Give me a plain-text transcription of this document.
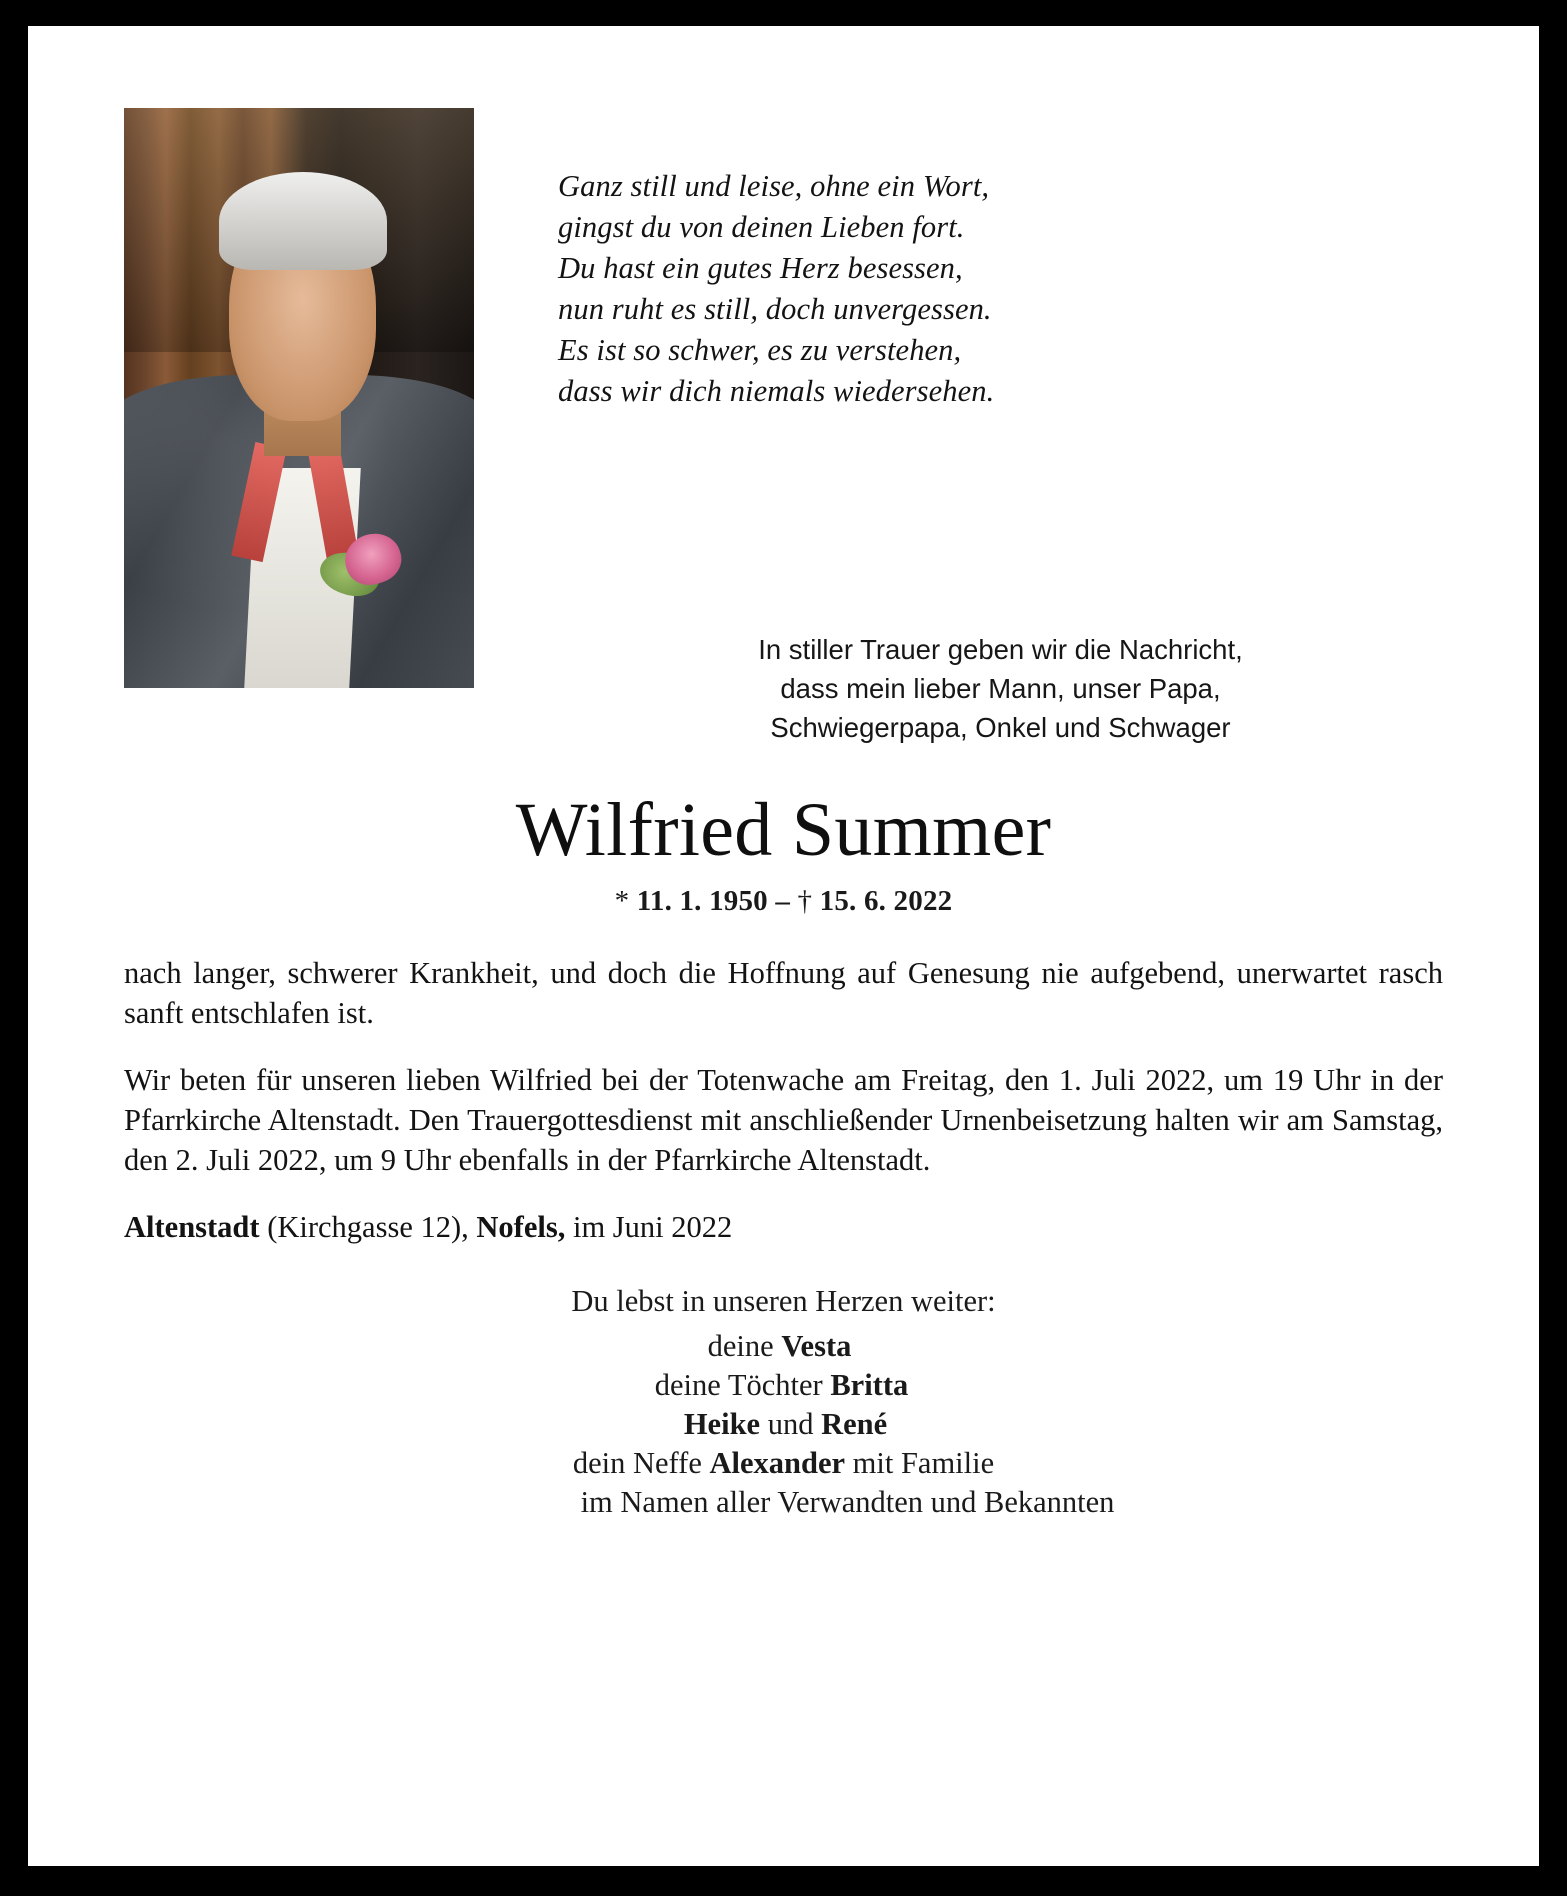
Ganz still und leise, ohne ein Wort,
gingst du von deinen Lieben fort.
Du hast ein gutes Herz besessen,
nun ruht es still, doch unvergessen.
Es ist so schwer, es zu verstehen,
dass wir dich niemals wiedersehen.
In stiller Trauer geben wir die Nachricht,
dass mein lieber Mann, unser Papa,
Schwiegerpapa, Onkel und Schwager
Wilfried Summer
* 11. 1. 1950 – † 15. 6. 2022

nach langer, schwerer Krankheit, und doch die Hoffnung auf Genesung nie aufgebend, unerwartet rasch sanft entschlafen ist.

Wir beten für unseren lieben Wilfried bei der Totenwache am Freitag, den 1. Juli 2022, um 19 Uhr in der Pfarrkirche Altenstadt. Den Trauergottesdienst mit anschließender Urnenbeisetzung halten wir am Samstag, den 2. Juli 2022, um 9 Uhr ebenfalls in der Pfarrkirche Altenstadt.

Altenstadt (Kirchgasse 12), Nofels, im Juni 2022
Du lebst in unseren Herzen weiter:
deine Vesta
deine Töchter Britta
Heike und René
dein Neffe Alexander mit Familie
im Namen aller Verwandten und Bekannten
